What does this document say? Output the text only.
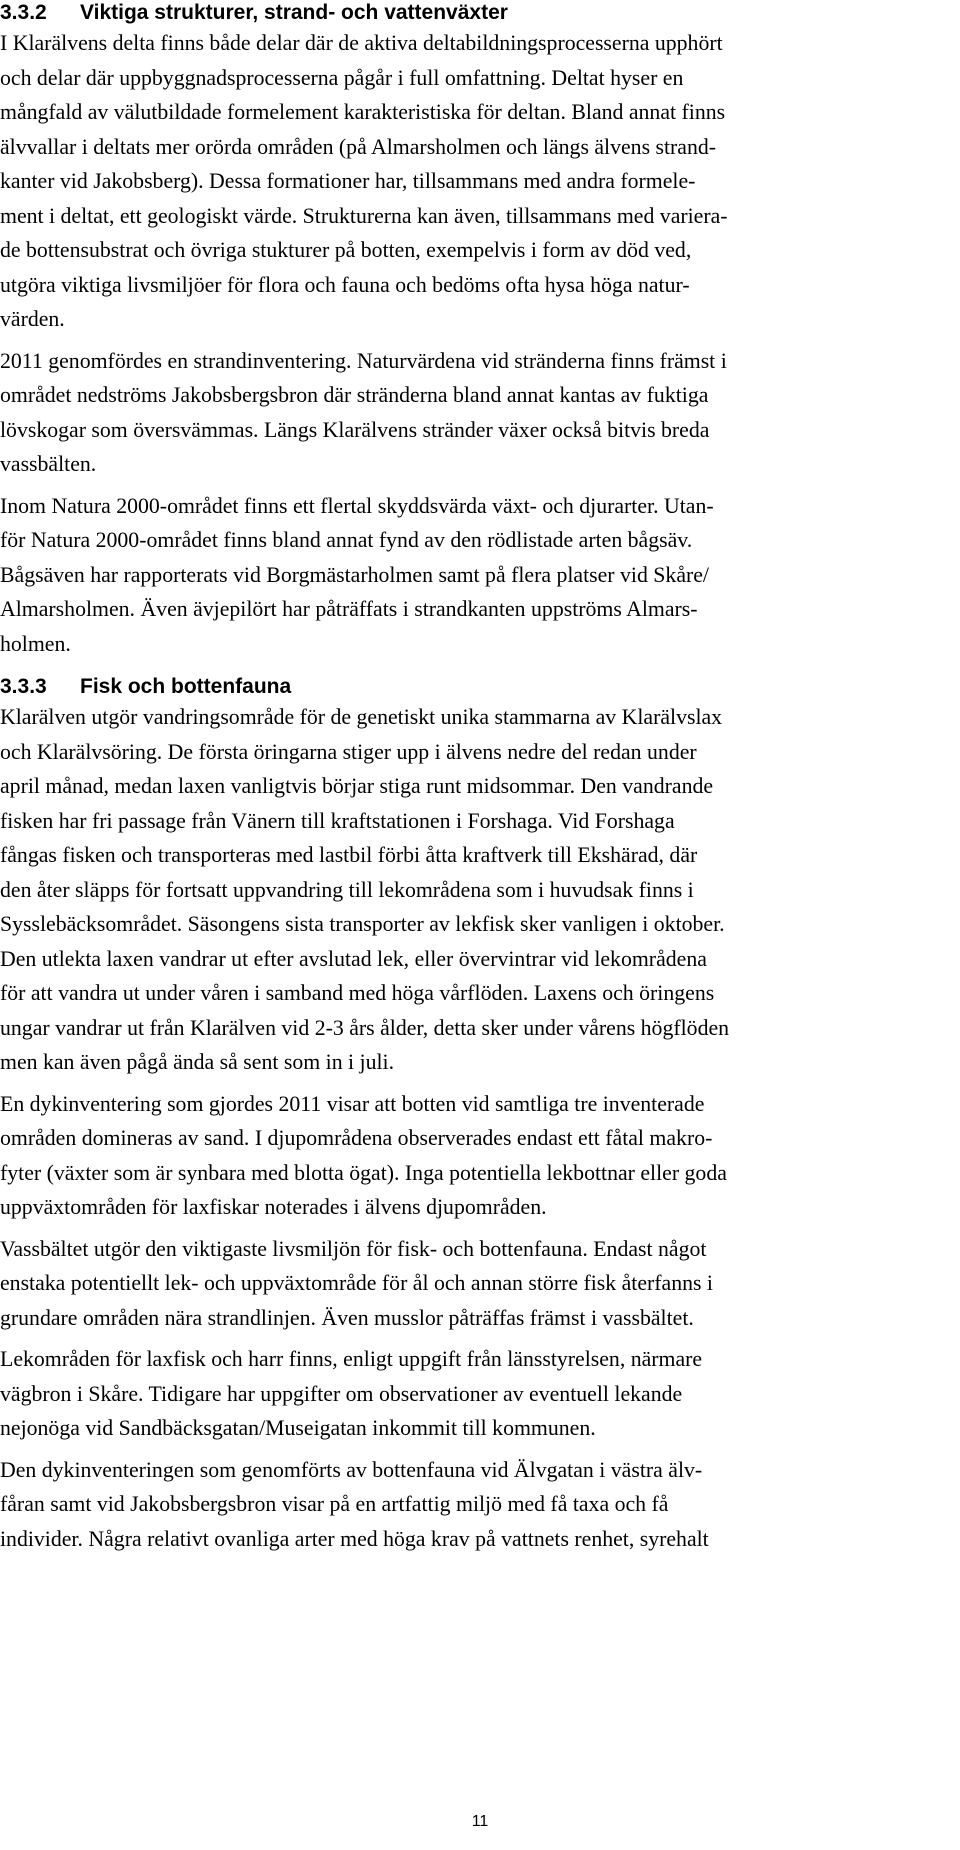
3.3.2 Viktiga strukturer, strand- och vattenväxter

I Klarälvens delta finns både delar där de aktiva deltabildningsprocesserna upphört
och delar där uppbyggnadsprocesserna pågår i full omfattning. Deltat hyser en
mångfald av välutbildade formelement karakteristiska för deltan. Bland annat finns
älvvallar i deltats mer orörda områden (på Almarsholmen och längs älvens strand-
kanter vid Jakobsberg). Dessa formationer har, tillsammans med andra formele-
ment i deltat, ett geologiskt värde. Strukturerna kan även, tillsammans med variera-
de bottensubstrat och övriga stukturer på botten, exempelvis i form av död ved,
utgöra viktiga livsmiljöer för flora och fauna och bedöms ofta hysa höga natur-
värden.

2011 genomfördes en strandinventering. Naturvärdena vid stränderna finns främst i
området nedströms Jakobsbergsbron där stränderna bland annat kantas av fuktiga
lövskogar som översvämmas. Längs Klarälvens stränder växer också bitvis breda
vassbälten.

Inom Natura 2000-området finns ett flertal skyddsvärda växt- och djurarter. Utan-
för Natura 2000-området finns bland annat fynd av den rödlistade arten bågsäv.
Bågsäven har rapporterats vid Borgmästarholmen samt på flera platser vid Skåre/
Almarsholmen. Även ävjepilört har påträffats i strandkanten uppströms Almars-
holmen.

3.3.3 Fisk och bottenfauna

Klarälven utgör vandringsområde för de genetiskt unika stammarna av Klarälvslax
och Klarälvsöring. De första öringarna stiger upp i älvens nedre del redan under
april månad, medan laxen vanligtvis börjar stiga runt midsommar. Den vandrande
fisken har fri passage från Vänern till kraftstationen i Forshaga. Vid Forshaga
fångas fisken och transporteras med lastbil förbi åtta kraftverk till Ekshärad, där
den åter släpps för fortsatt uppvandring till lekområdena som i huvudsak finns i
Sysslebäcksområdet. Säsongens sista transporter av lekfisk sker vanligen i oktober.
Den utlekta laxen vandrar ut efter avslutad lek, eller övervintrar vid lekområdena
för att vandra ut under våren i samband med höga vårflöden. Laxens och öringens
ungar vandrar ut från Klarälven vid 2-3 års ålder, detta sker under vårens högflöden
men kan även pågå ända så sent som in i juli.

En dykinventering som gjordes 2011 visar att botten vid samtliga tre inventerade
områden domineras av sand. I djupområdena observerades endast ett fåtal makro-
fyter (växter som är synbara med blotta ögat). Inga potentiella lekbottnar eller goda
uppväxtområden för laxfiskar noterades i älvens djupområden.

Vassbältet utgör den viktigaste livsmiljön för fisk- och bottenfauna. Endast något
enstaka potentiellt lek- och uppväxtområde för ål och annan större fisk återfanns i
grundare områden nära strandlinjen. Även musslor påträffas främst i vassbältet.

Lekområden för laxfisk och harr finns, enligt uppgift från länsstyrelsen, närmare
vägbron i Skåre. Tidigare har uppgifter om observationer av eventuell lekande
nejonöga vid Sandbäcksgatan/Museigatan inkommit till kommunen.

Den dykinventeringen som genomförts av bottenfauna vid Älvgatan i västra älv-
fåran samt vid Jakobsbergsbron visar på en artfattig miljö med få taxa och få
individer. Några relativt ovanliga arter med höga krav på vattnets renhet, syrehalt

11
